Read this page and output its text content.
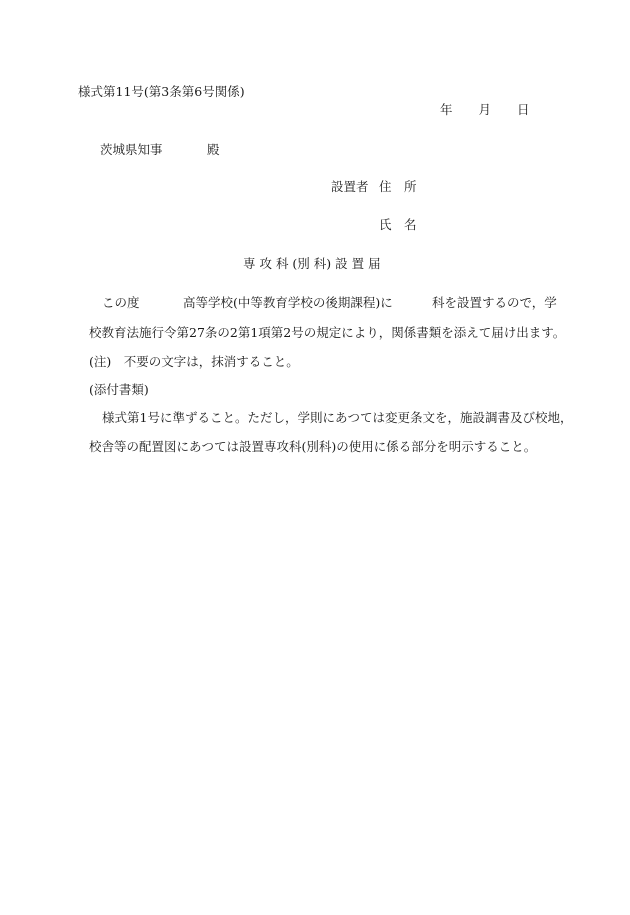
様式第11号(第3条第6号関係)
年 月 日
茨城県知事	殿
設置者 住　所
氏　名
専 攻 科 (別 科) 設 置 届
この度	高等学校(中等教育学校の後期課程)に	科を設置するので，学
校教育法施行令第27条の2第1項第2号の規定により，関係書類を添えて届け出ます。
(注)　不要の文字は，抹消すること。
(添付書類)
様式第1号に準ずること。ただし，学則にあつては変更条文を，施設調書及び校地，
校舎等の配置図にあつては設置専攻科(別科)の使用に係る部分を明示すること。
